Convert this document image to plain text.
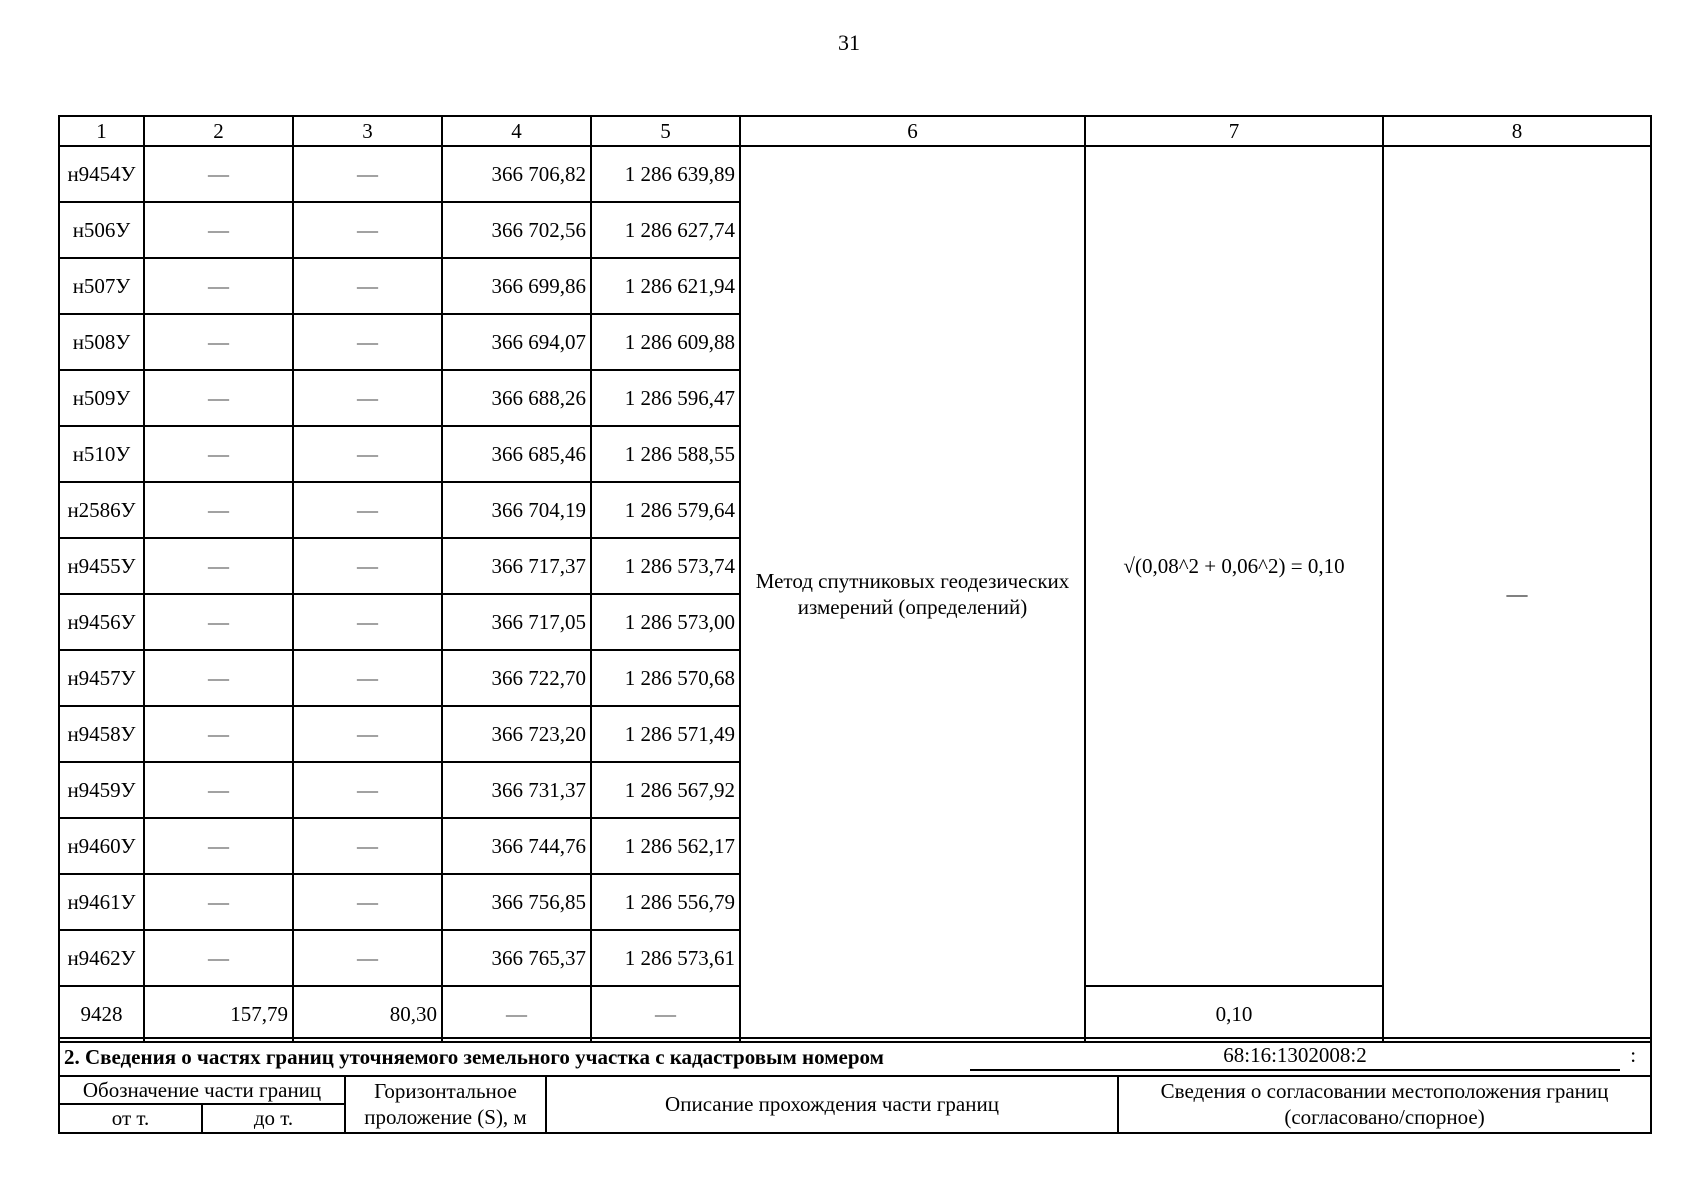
31
1	2	3	4	5	6	7	8
н9454У	—	—	366 706,82	1 286 639,89	Метод спутниковых геодезических измерений (определений)	√(0,08^2 + 0,06^2) = 0,10	—
н506У	—	—	366 702,56	1 286 627,74			
н507У	—	—	366 699,86	1 286 621,94			
н508У	—	—	366 694,07	1 286 609,88			
н509У	—	—	366 688,26	1 286 596,47			
н510У	—	—	366 685,46	1 286 588,55			
н2586У	—	—	366 704,19	1 286 579,64			
н9455У	—	—	366 717,37	1 286 573,74			
н9456У	—	—	366 717,05	1 286 573,00			
н9457У	—	—	366 722,70	1 286 570,68			
н9458У	—	—	366 723,20	1 286 571,49			
н9459У	—	—	366 731,37	1 286 567,92			
н9460У	—	—	366 744,76	1 286 562,17			
н9461У	—	—	366 756,85	1 286 556,79			
н9462У	—	—	366 765,37	1 286 573,61			
9428	157,79	80,30	—	—		0,10	
2. Сведения о частях границ уточняемого земельного участка с кадастровым номером 68:16:1302008:2 :				

Обозначение части границ		Горизонтальное проложение (S), м	Описание прохождения части границ	Сведения о согласовании местоположения границ (согласовано/спорное)
от т.	до т.			
